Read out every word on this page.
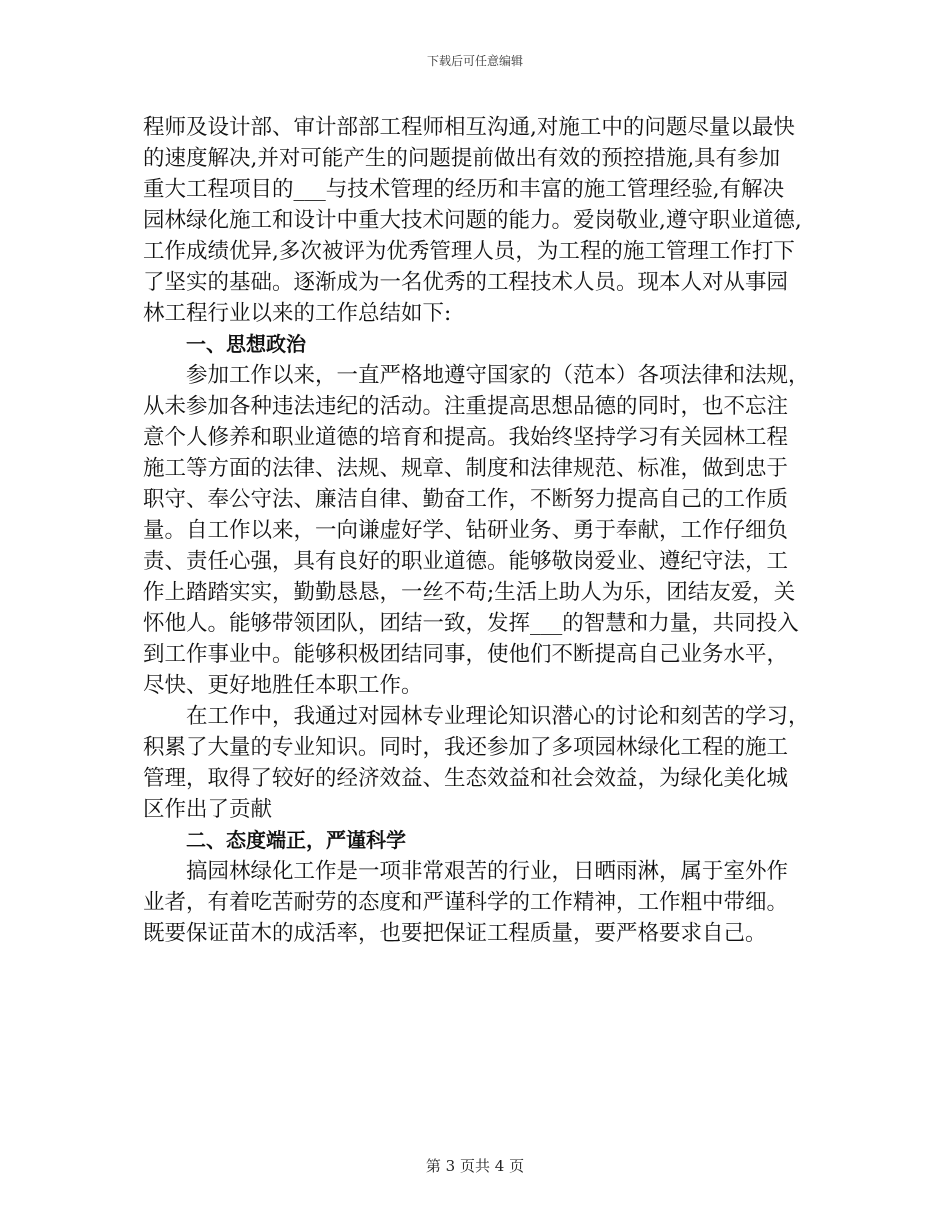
下载后可任意编辑
程师及设计部、审计部部工程师相互沟通,对施工中的问题尽量以最快
的速度解决,并对可能产生的问题提前做出有效的预控措施,具有参加
重大工程项目的___与技术管理的经历和丰富的施工管理经验,有解决
园林绿化施工和设计中重大技术问题的能力。爱岗敬业,遵守职业道德,
工作成绩优异,多次被评为优秀管理人员，为工程的施工管理工作打下
了坚实的基础。逐渐成为一名优秀的工程技术人员。现本人对从事园
林工程行业以来的工作总结如下:
一、思想政治
参加工作以来，一直严格地遵守国家的（范本）各项法律和法规，
从未参加各种违法违纪的活动。注重提高思想品德的同时，也不忘注
意个人修养和职业道德的培育和提高。我始终坚持学习有关园林工程
施工等方面的法律、法规、规章、制度和法律规范、标准，做到忠于
职守、奉公守法、廉洁自律、勤奋工作，不断努力提高自己的工作质
量。自工作以来，一向谦虚好学、钻研业务、勇于奉献，工作仔细负
责、责任心强，具有良好的职业道德。能够敬岗爱业、遵纪守法，工
作上踏踏实实，勤勤恳恳，一丝不苟;生活上助人为乐，团结友爱，关
怀他人。能够带领团队，团结一致，发挥___的智慧和力量，共同投入
到工作事业中。能够积极团结同事，使他们不断提高自己业务水平，
尽快、更好地胜任本职工作。
在工作中，我通过对园林专业理论知识潜心的讨论和刻苦的学习，
积累了大量的专业知识。同时，我还参加了多项园林绿化工程的施工
管理，取得了较好的经济效益、生态效益和社会效益，为绿化美化城
区作出了贡献
二、态度端正，严谨科学
搞园林绿化工作是一项非常艰苦的行业，日晒雨淋，属于室外作
业者，有着吃苦耐劳的态度和严谨科学的工作精神，工作粗中带细。
既要保证苗木的成活率，也要把保证工程质量，要严格要求自己。
第 3 页共 4 页
